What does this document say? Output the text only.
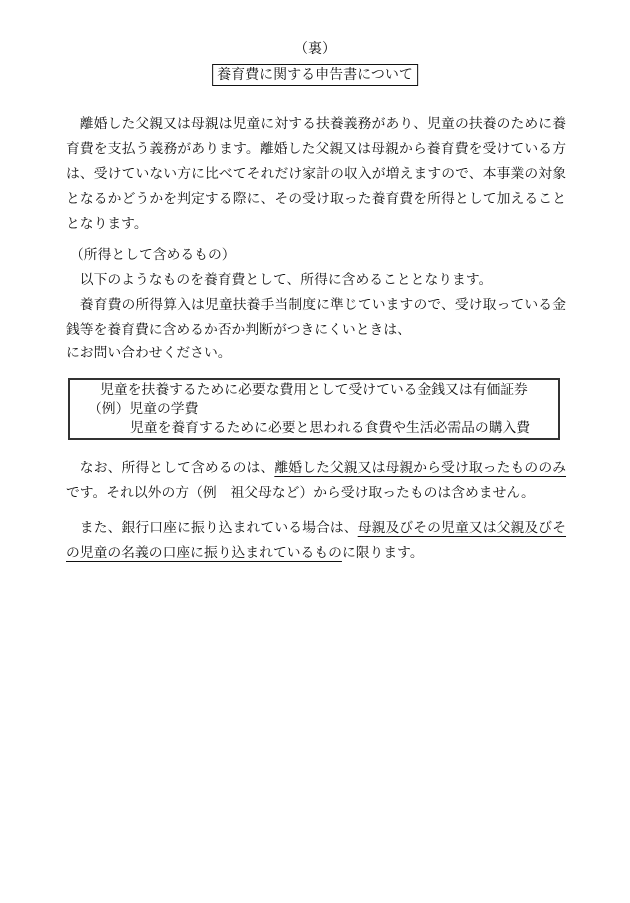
（裏）
養育費に関する申告書について

離婚した父親又は母親は児童に対する扶養義務があり、児童の扶養のために養育費を支払う義務があります。離婚した父親又は母親から養育費を受けている方は、受けていない方に比べてそれだけ家計の収入が増えますので、本事業の対象となるかどうかを判定する際に、その受け取った養育費を所得として加えることとなります。

（所得として含めるもの）

以下のようなものを養育費として、所得に含めることとなります。

養育費の所得算入は児童扶養手当制度に準じていますので、受け取っている金銭等を養育費に含めるか否か判断がつきにくいときは、

にお問い合わせください。

児童を扶養するために必要な費用として受けている金銭又は有価証券
（例）児童の学費
児童を養育するために必要と思われる食費や生活必需品の購入費

なお、所得として含めるのは、離婚した父親又は母親から受け取ったもののみです。それ以外の方（例　祖父母など）から受け取ったものは含めません。

また、銀行口座に振り込まれている場合は、母親及びその児童又は父親及びその児童の名義の口座に振り込まれているものに限ります。
